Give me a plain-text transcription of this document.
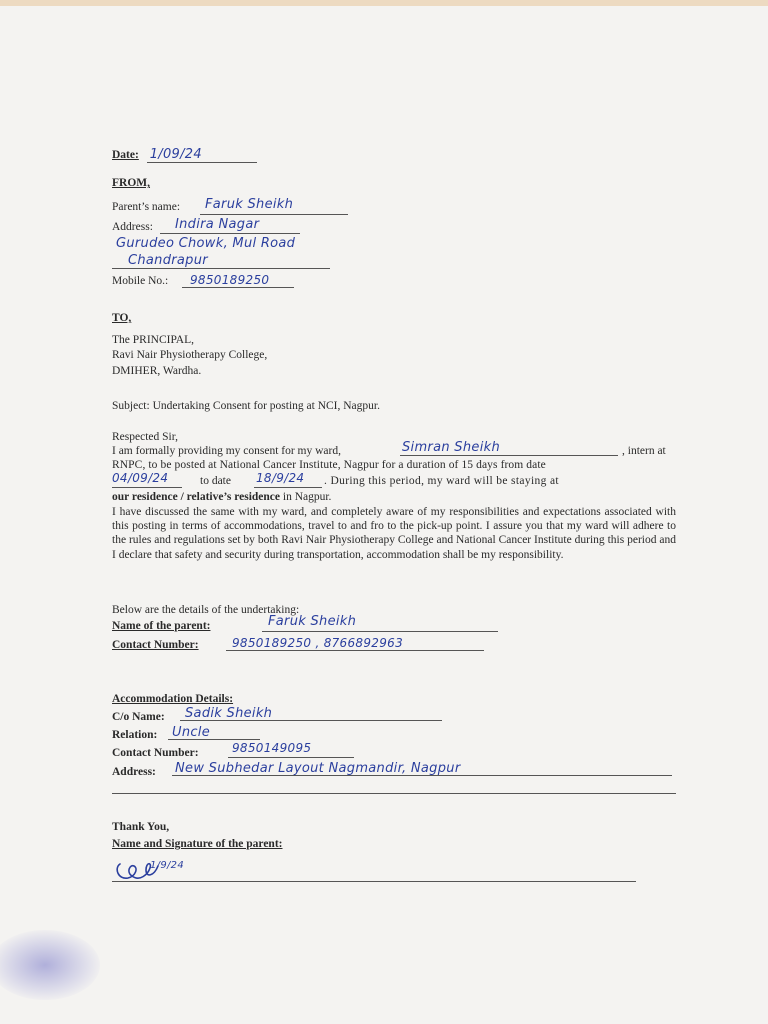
Date: 1/09/24
FROM,
Parent’s name: Faruk Sheikh
Address: Indira Nagar
Gurudeo Chowk, Mul Road
Chandrapur
Mobile No.: 9850189250
TO,
The PRINCIPAL,
Ravi Nair Physiotherapy College,
DMIHER, Wardha.
Subject: Undertaking Consent for posting at NCI, Nagpur.
Respected Sir,
I am formally providing my consent for my ward,	Simran Sheikh	, intern at
RNPC, to be posted at National Cancer Institute, Nagpur for a duration of 15 days from date
04/09/24	to date 18/9/24 . During this period, my ward will be staying at
our residence / relative’s residence in Nagpur.
I have discussed the same with my ward, and completely aware of my responsibilities and expectations associated with this posting in terms of accommodations, travel to and fro to the pick-up point. I assure you that my ward will adhere to the rules and regulations set by both Ravi Nair Physiotherapy College and National Cancer Institute during this period and I declare that safety and security during transportation, accommodation shall be my responsibility.
Below are the details of the undertaking:
Name of the parent:	Faruk Sheikh
Contact Number:	9850189250 , 8766892963
Accommodation Details:
C/o Name: Sadik Sheikh
Relation: Uncle
Contact Number:	9850149095
Address: New Subhedar Layout Nagmandir, Nagpur
Thank You,
Name and Signature of the parent:
1/9/24
